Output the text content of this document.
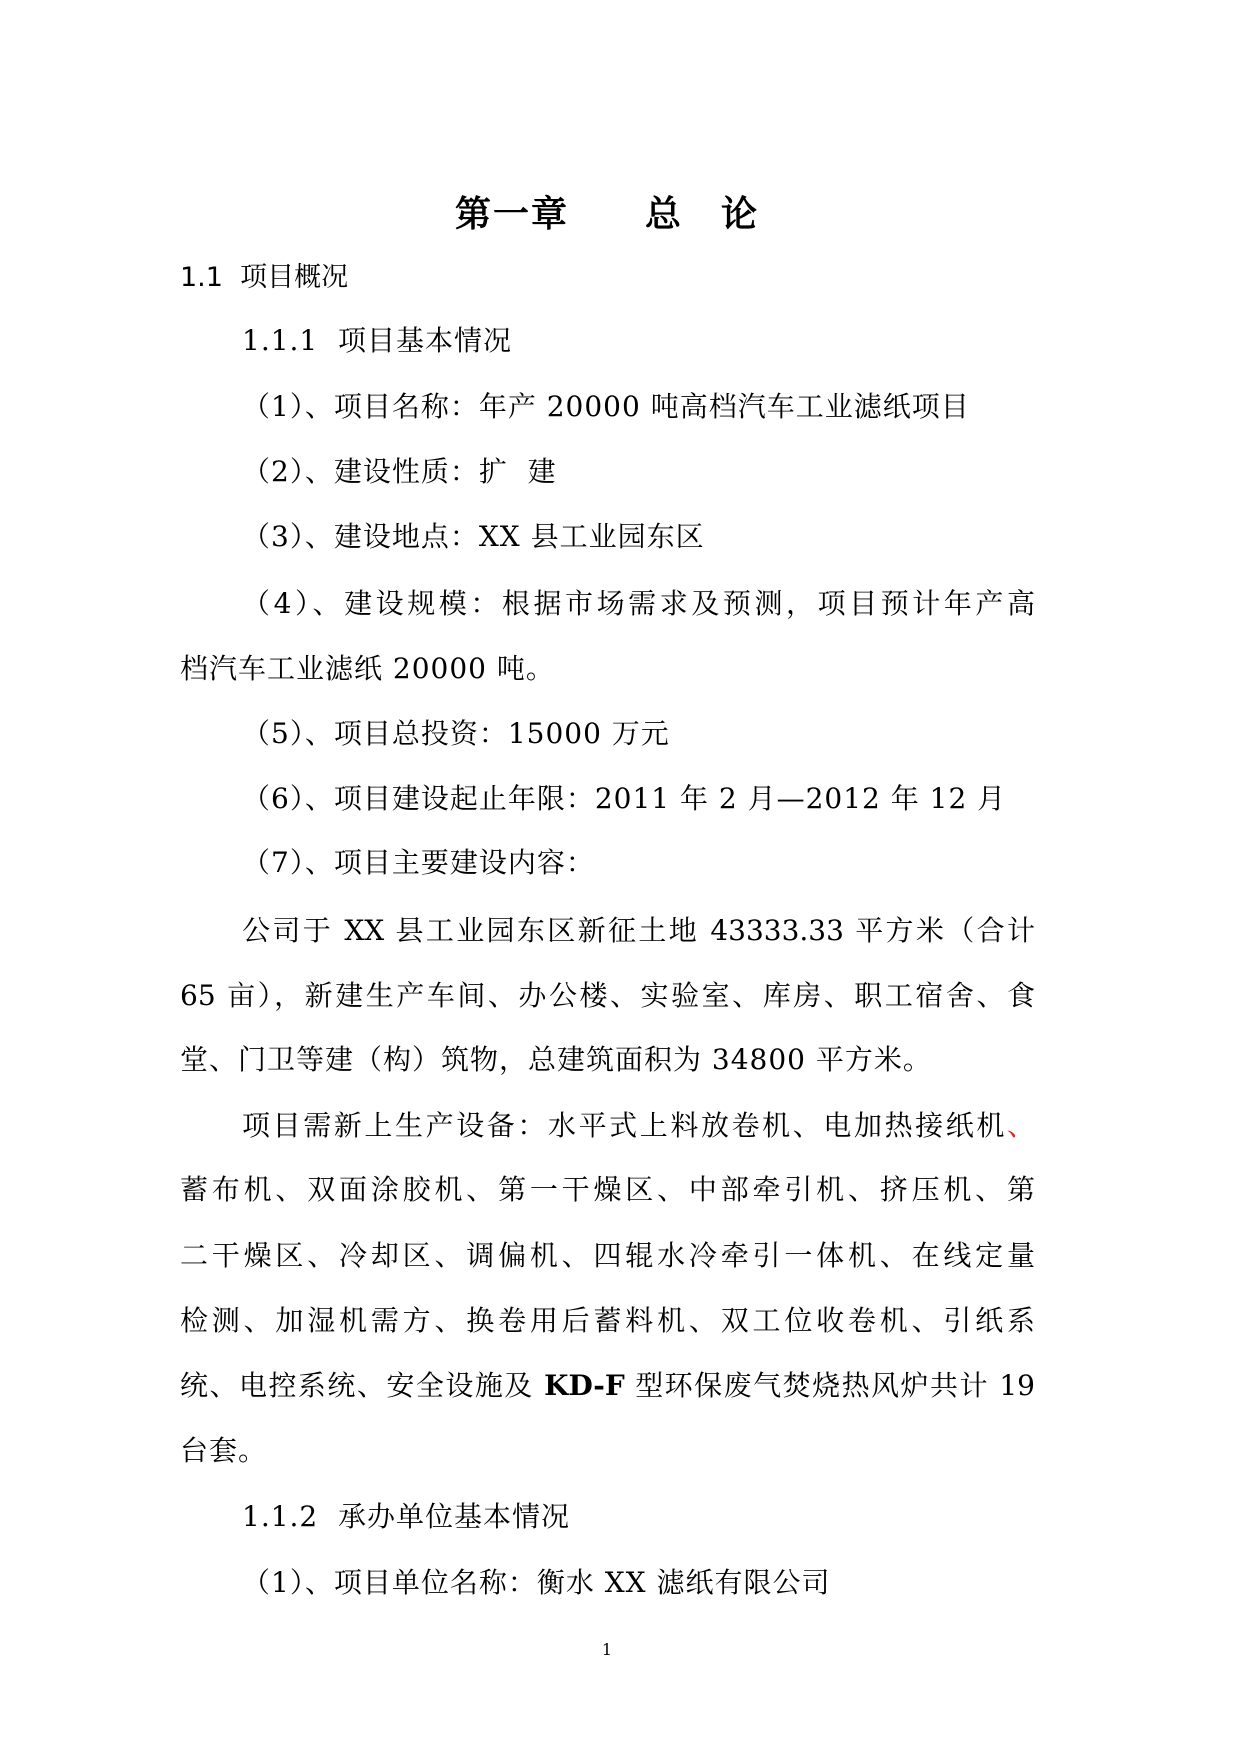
第一章　　总　论
1.1  项目概况
1.1.1  项目基本情况
（1）、项目名称：年产 20000 吨高档汽车工业滤纸项目
（2）、建设性质：扩  建
（3）、建设地点：XX 县工业园东区
（4）、建设规模：根据市场需求及预测，项目预计年产高
档汽车工业滤纸 20000 吨。
（5）、项目总投资：15000 万元
（6）、项目建设起止年限：2011 年 2 月—2012 年 12 月
（7）、项目主要建设内容：
公司于 XX 县工业园东区新征土地 43333.33 平方米（合计
65 亩），新建生产车间、办公楼、实验室、库房、职工宿舍、食
堂、门卫等建（构）筑物，总建筑面积为 34800 平方米。
项目需新上生产设备：水平式上料放卷机、电加热接纸机、
蓄布机、双面涂胶机、第一干燥区、中部牵引机、挤压机、第
二干燥区、冷却区、调偏机、四辊水冷牵引一体机、在线定量
检测、加湿机需方、换卷用后蓄料机、双工位收卷机、引纸系
统、电控系统、安全设施及 KD-F 型环保废气焚烧热风炉共计 19
台套。
1.1.2  承办单位基本情况
（1）、项目单位名称：衡水 XX 滤纸有限公司
1
